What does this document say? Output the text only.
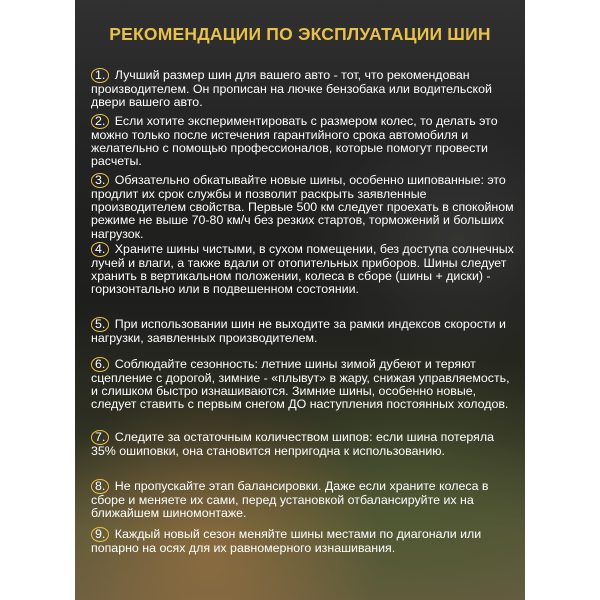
РЕКОМЕНДАЦИИ ПО ЭКСПЛУАТАЦИИ ШИН

1. Лучший размер шин для вашего авто - тот, что рекомендован производителем. Он прописан на лючке бензобака или водительской двери вашего авто.

2. Если хотите экспериментировать с размером колес, то делать это можно только после истечения гарантийного срока автомобиля и желательно с помощью профессионалов, которые помогут провести расчеты.

3. Обязательно обкатывайте новые шины, особенно шипованные: это продлит их срок службы и позволит раскрыть заявленные производителем свойства. Первые 500 км следует проехать в спокойном режиме не выше 70-80 км/ч без резких стартов, торможений и больших нагрузок.

4. Храните шины чистыми, в сухом помещении, без доступа солнечных лучей и влаги, а также вдали от отопительных приборов. Шины следует хранить в вертикальном положении, колеса в сборе (шины + диски) - горизонтально или в подвешенном состоянии.

5. При использовании шин не выходите за рамки индексов скорости и нагрузки, заявленных производителем.

6. Соблюдайте сезонность: летние шины зимой дубеют и теряют сцепление с дорогой, зимние - «плывут» в жару, снижая управляемость, и слишком быстро изнашиваются. Зимние шины, особенно новые, следует ставить с первым снегом ДО наступления постоянных холодов.

7. Следите за остаточным количеством шипов: если шина потеряла 35% ошиповки, она становится непригодна к использованию.

8. Не пропускайте этап балансировки. Даже если храните колеса в сборе и меняете их сами, перед установкой отбалансируйте их на ближайшем шиномонтаже.

9. Каждый новый сезон меняйте шины местами по диагонали или попарно на осях для их равномерного изнашивания.
